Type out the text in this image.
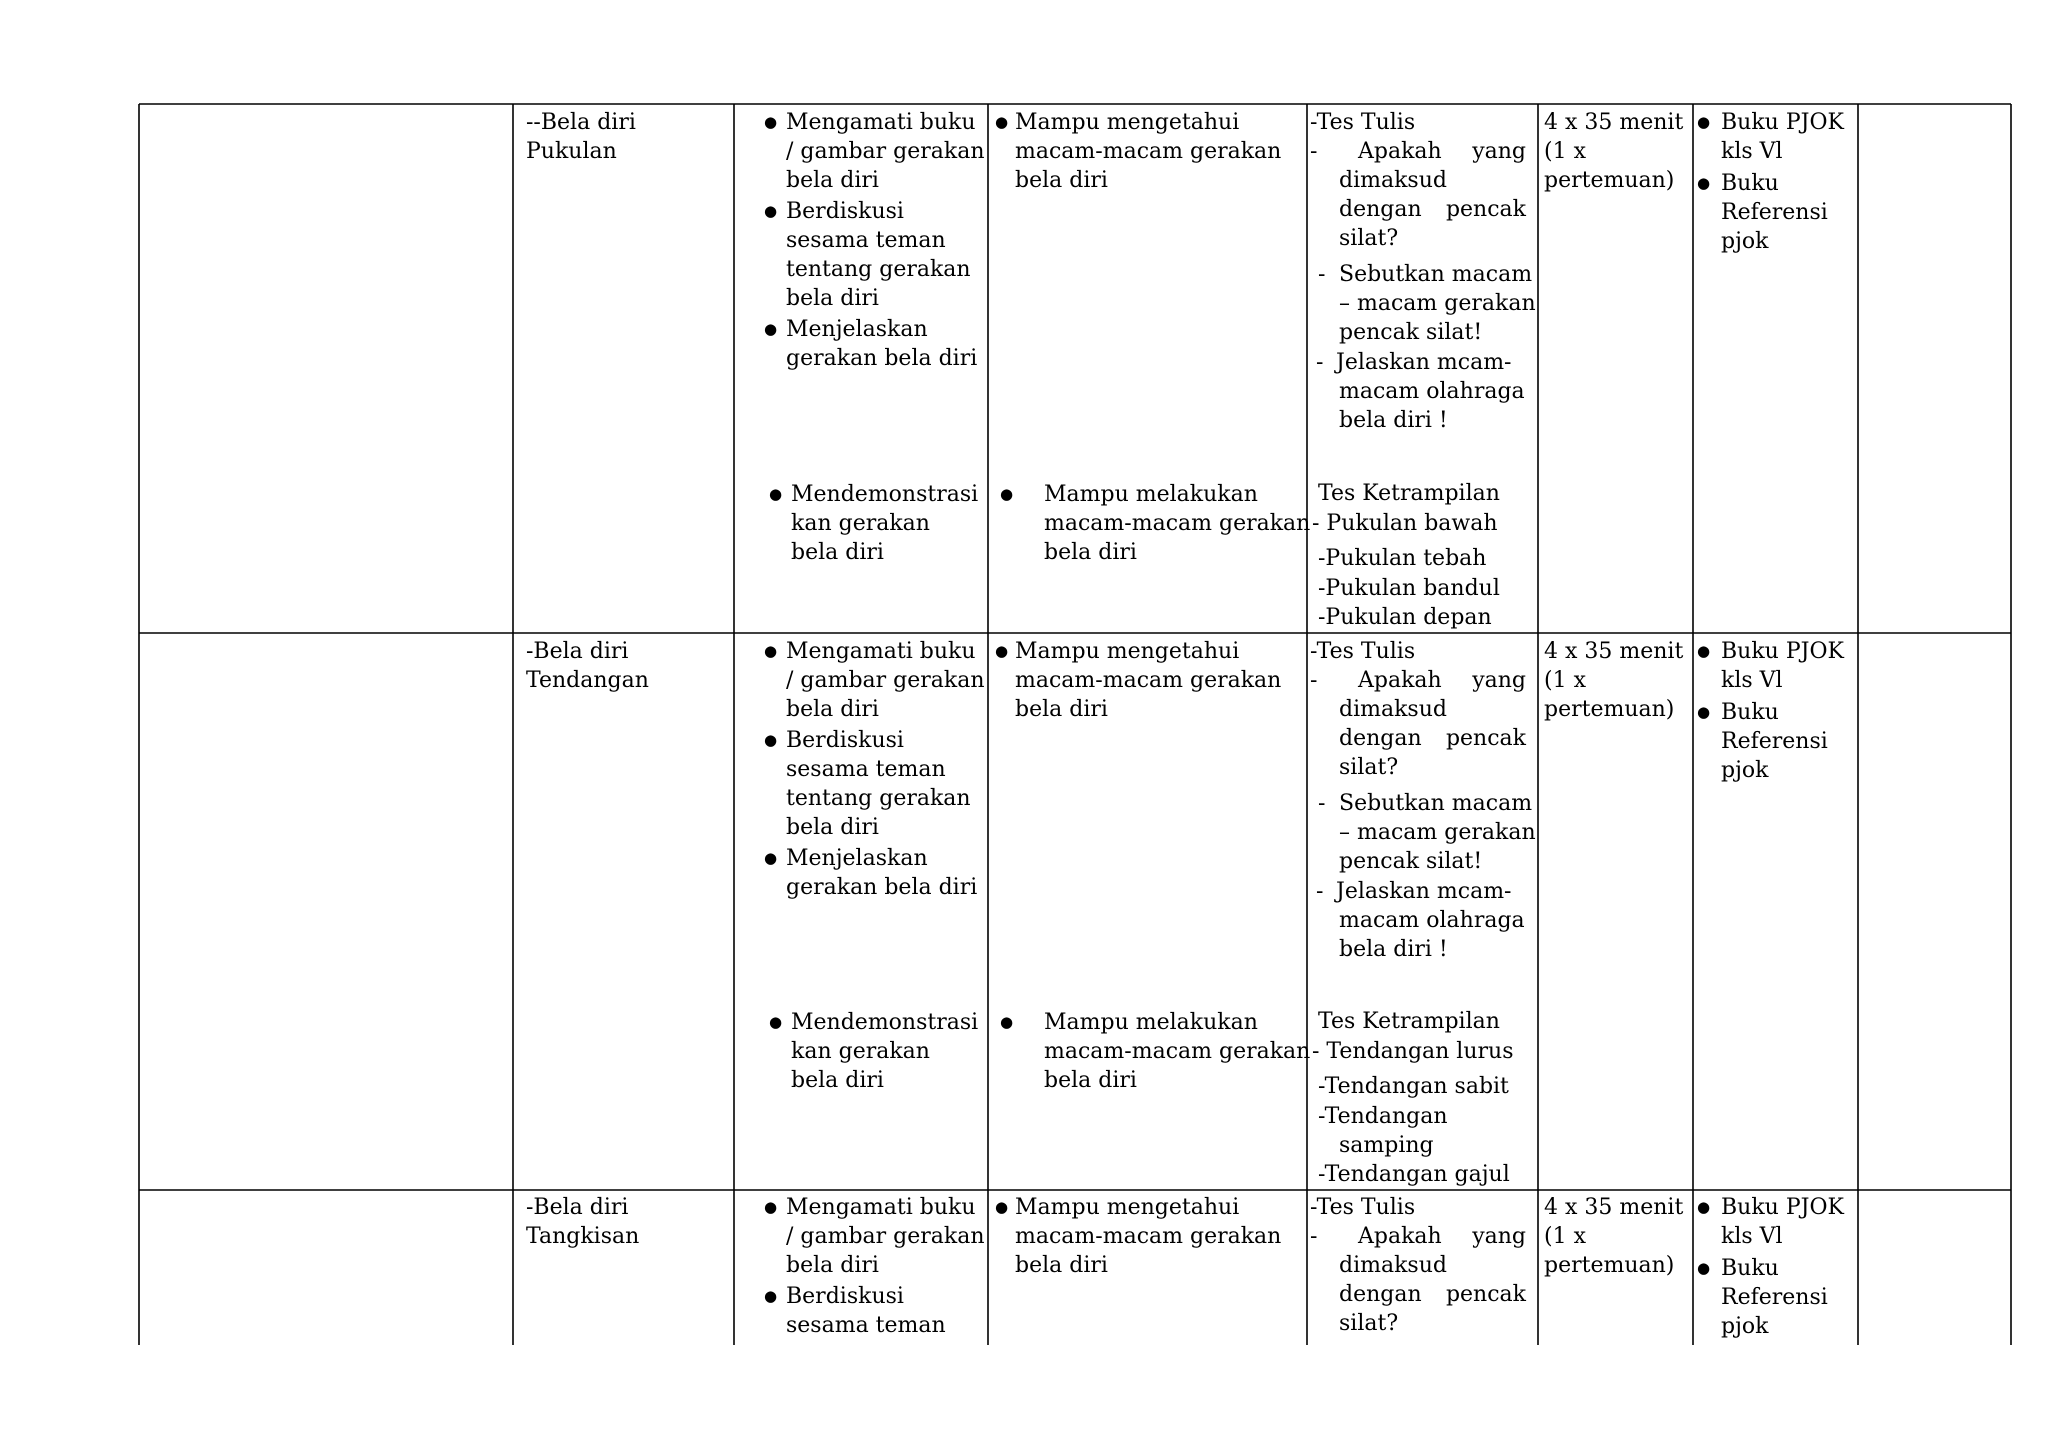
--Bela diri
Pukulan
● Mengamati buku
/ gambar gerakan
bela diri
● Berdiskusi
sesama teman
tentang gerakan
bela diri
● Menjelaskan
gerakan bela diri
● Mendemonstrasi
kan gerakan
bela diri
● Mampu mengetahui
macam-macam gerakan
bela diri
● Mampu melakukan
macam-macam gerakan
bela diri
-Tes Tulis
- Apakah yang
dimaksud
dengan pencak
silat?
- Sebutkan macam
– macam gerakan
pencak silat!
- Jelaskan mcam-
macam olahraga
bela diri !
Tes Ketrampilan
- Pukulan bawah
-Pukulan tebah
-Pukulan bandul
-Pukulan depan
4 x 35 menit
(1 x
pertemuan)
● Buku PJOK
kls Vl
● Buku
Referensi
pjok
-Bela diri
Tendangan
● Mengamati buku
/ gambar gerakan
bela diri
● Berdiskusi
sesama teman
tentang gerakan
bela diri
● Menjelaskan
gerakan bela diri
● Mendemonstrasi
kan gerakan
bela diri
● Mampu mengetahui
macam-macam gerakan
bela diri
● Mampu melakukan
macam-macam gerakan
bela diri
-Tes Tulis
- Apakah yang
dimaksud
dengan pencak
silat?
- Sebutkan macam
– macam gerakan
pencak silat!
- Jelaskan mcam-
macam olahraga
bela diri !
Tes Ketrampilan
- Tendangan lurus
-Tendangan sabit
-Tendangan
samping
-Tendangan gajul
4 x 35 menit
(1 x
pertemuan)
● Buku PJOK
kls Vl
● Buku
Referensi
pjok
-Bela diri
Tangkisan
● Mengamati buku
/ gambar gerakan
bela diri
● Berdiskusi
sesama teman
● Mampu mengetahui
macam-macam gerakan
bela diri
-Tes Tulis
- Apakah yang
dimaksud
dengan pencak
silat?
4 x 35 menit
(1 x
pertemuan)
● Buku PJOK
kls Vl
● Buku
Referensi
pjok
